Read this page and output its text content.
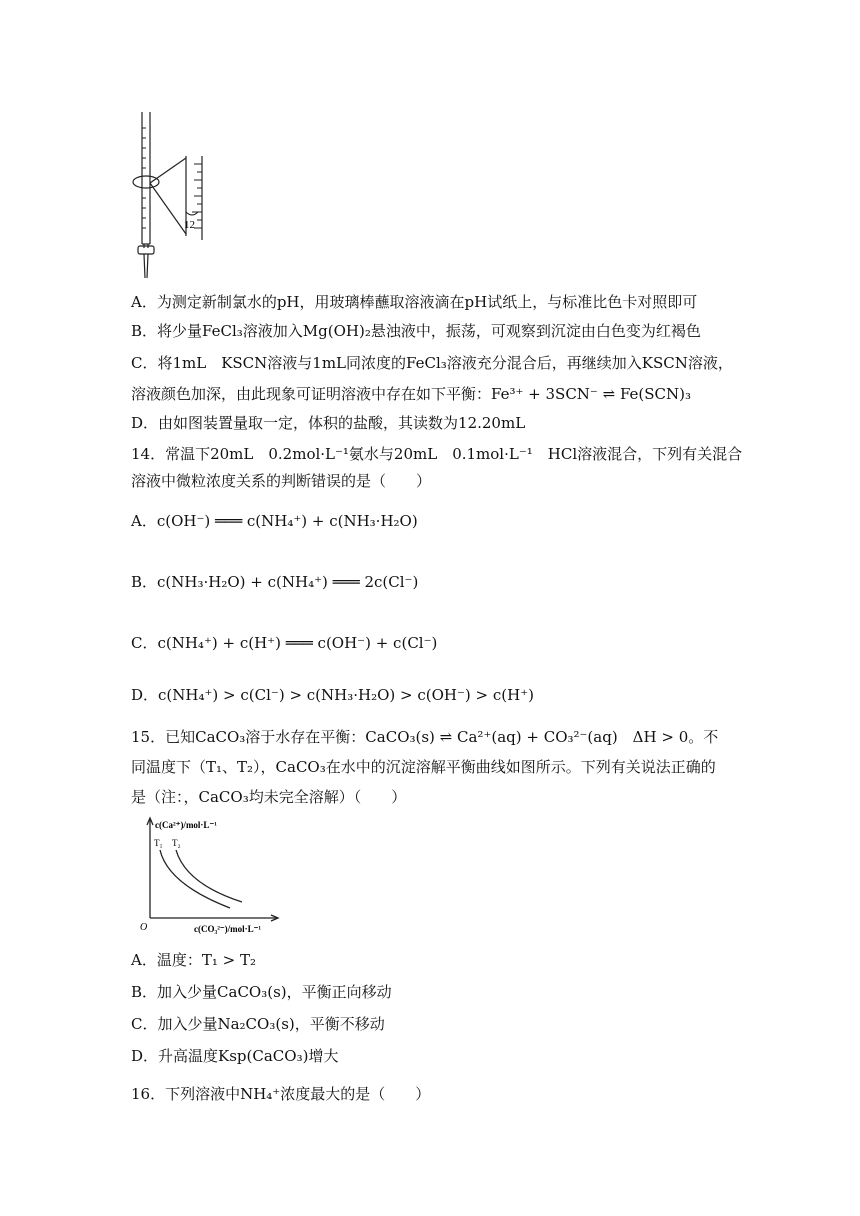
12
A．为测定新制氯水的pH，用玻璃棒蘸取溶液滴在pH试纸上，与标准比色卡对照即可
B．将少量FeCl₃溶液加入Mg(OH)₂悬浊液中，振荡，可观察到沉淀由白色变为红褐色
C．将1mL　KSCN溶液与1mL同浓度的FeCl₃溶液充分混合后，再继续加入KSCN溶液，
溶液颜色加深，由此现象可证明溶液中存在如下平衡：Fe³⁺ + 3SCN⁻ ⇌ Fe(SCN)₃
D．由如图装置量取一定，体积的盐酸，其读数为12.20mL
14．常温下20mL　0.2mol·L⁻¹氨水与20mL　0.1mol·L⁻¹　HCl溶液混合，下列有关混合
溶液中微粒浓度关系的判断错误的是（　　）
A．c(OH⁻) ═══ c(NH₄⁺) + c(NH₃·H₂O)
B．c(NH₃·H₂O) + c(NH₄⁺) ═══ 2c(Cl⁻)
C．c(NH₄⁺) + c(H⁺) ═══ c(OH⁻) + c(Cl⁻)
D．c(NH₄⁺) > c(Cl⁻) > c(NH₃·H₂O) > c(OH⁻) > c(H⁺)
15．已知CaCO₃溶于水存在平衡：CaCO₃(s) ⇌ Ca²⁺(aq) + CO₃²⁻(aq)　ΔH > 0。不
同温度下（T₁、T₂），CaCO₃在水中的沉淀溶解平衡曲线如图所示。下列有关说法正确的
是（注：，CaCO₃均未完全溶解）（　　）
c(Ca²⁺)/mol·L⁻¹
T₁ T₂
O	c(CO₃²⁻)/mol·L⁻¹
A．温度：T₁ > T₂
B．加入少量CaCO₃(s)，平衡正向移动
C．加入少量Na₂CO₃(s)，平衡不移动
D．升高温度Ksp(CaCO₃)增大
16．下列溶液中NH₄⁺浓度最大的是（　　）
